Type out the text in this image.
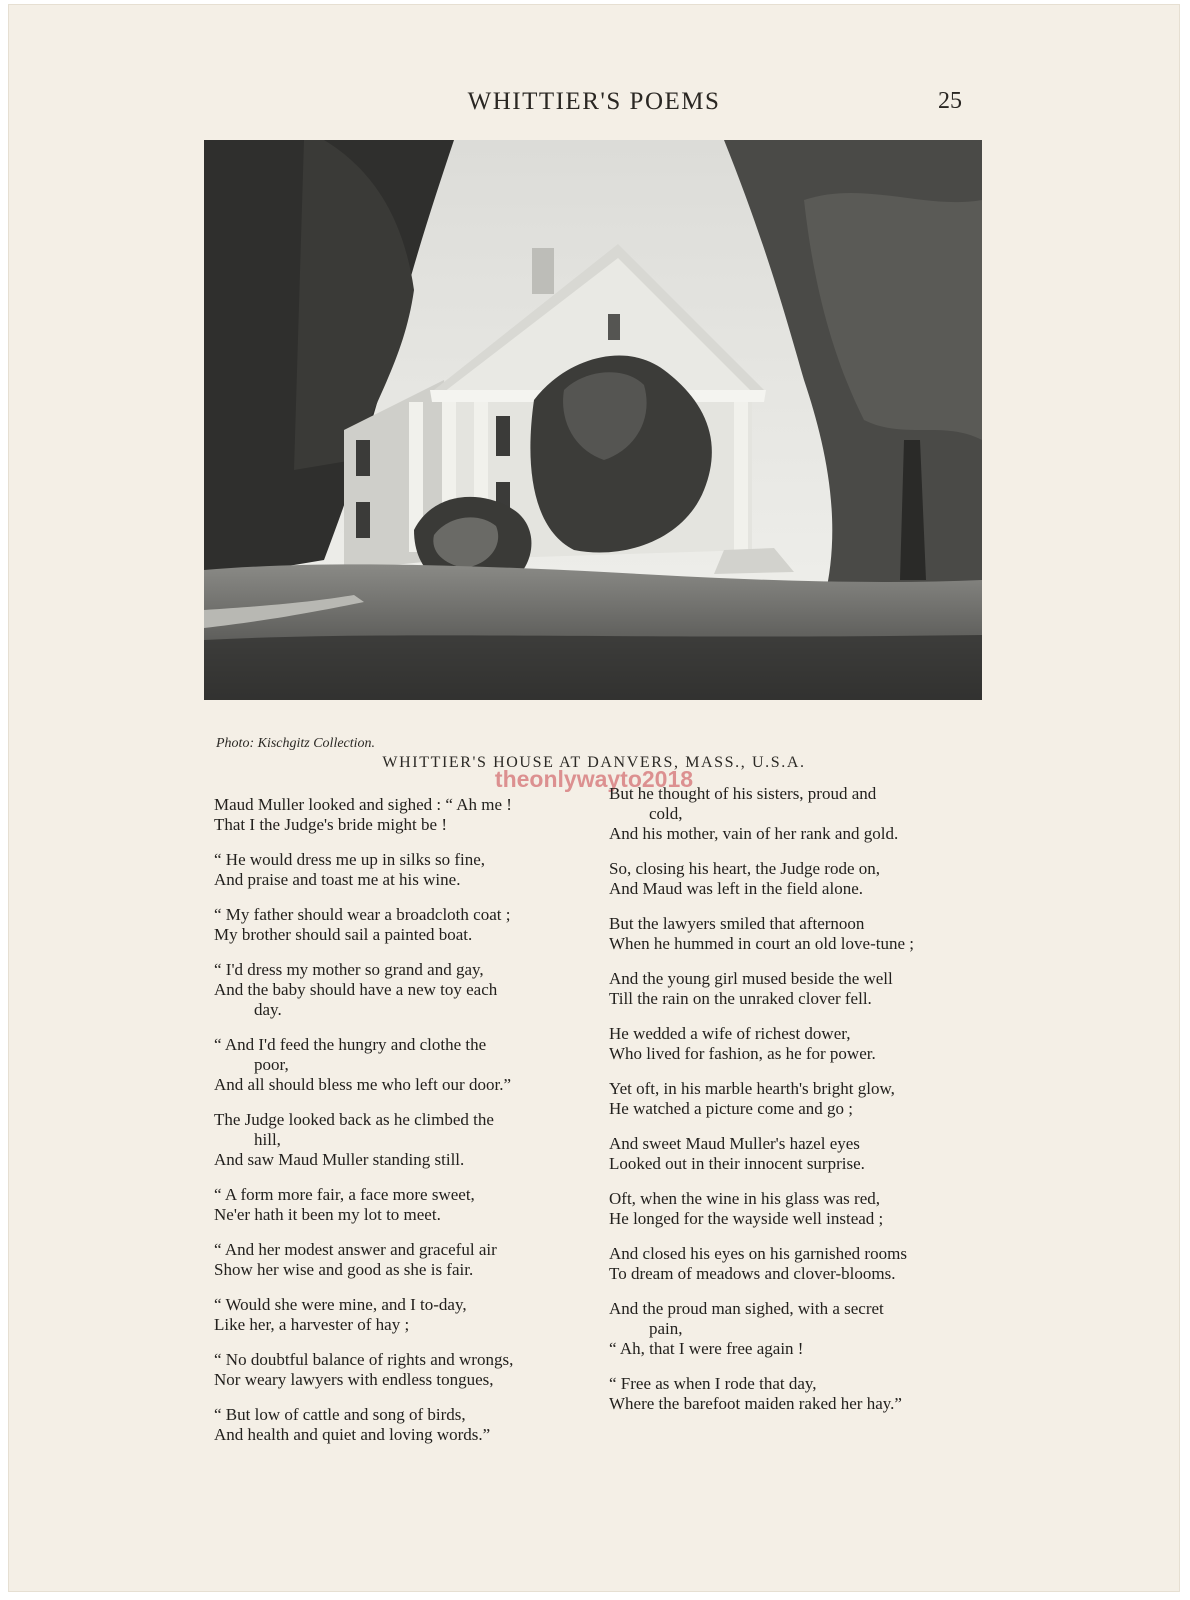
WHITTIER'S POEMS	25
Photo: Kischgitz Collection.
WHITTIER'S HOUSE AT DANVERS, MASS., U.S.A.
theonlywayto2018
Maud Muller looked and sighed : “ Ah me !
That I the Judge's bride might be !
“ He would dress me up in silks so fine,
And praise and toast me at his wine.
“ My father should wear a broadcloth coat ;
My brother should sail a painted boat.
“ I'd dress my mother so grand and gay,
And the baby should have a new toy each
day.
“ And I'd feed the hungry and clothe the
poor,
And all should bless me who left our door.”
The Judge looked back as he climbed the
hill,
And saw Maud Muller standing still.
“ A form more fair, a face more sweet,
Ne'er hath it been my lot to meet.
“ And her modest answer and graceful air
Show her wise and good as she is fair.
“ Would she were mine, and I to-day,
Like her, a harvester of hay ;
“ No doubtful balance of rights and wrongs,
Nor weary lawyers with endless tongues,
“ But low of cattle and song of birds,
And health and quiet and loving words.”
But he thought of his sisters, proud and
cold,
And his mother, vain of her rank and gold.
So, closing his heart, the Judge rode on,
And Maud was left in the field alone.
But the lawyers smiled that afternoon
When he hummed in court an old love-tune ;
And the young girl mused beside the well
Till the rain on the unraked clover fell.
He wedded a wife of richest dower,
Who lived for fashion, as he for power.
Yet oft, in his marble hearth's bright glow,
He watched a picture come and go ;
And sweet Maud Muller's hazel eyes
Looked out in their innocent surprise.
Oft, when the wine in his glass was red,
He longed for the wayside well instead ;
And closed his eyes on his garnished rooms
To dream of meadows and clover-blooms.
And the proud man sighed, with a secret
pain,
“ Ah, that I were free again !
“ Free as when I rode that day,
Where the barefoot maiden raked her hay.”
